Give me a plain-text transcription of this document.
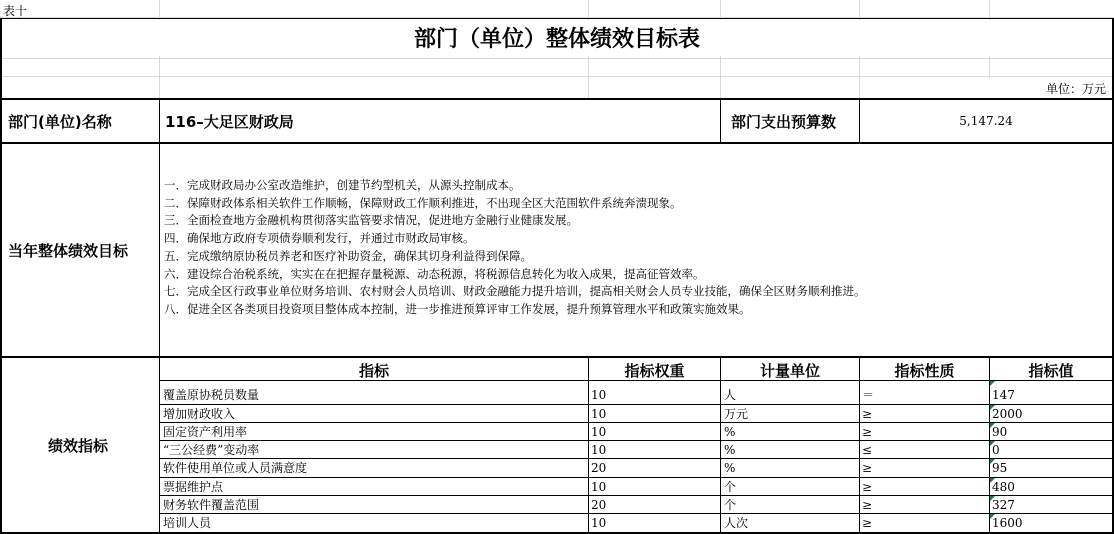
表十
部门（单位）整体绩效目标表
单位：万元
部门(单位)名称	116–大足区财政局	部门支出预算数	5,147.24
当年整体绩效目标
一．完成财政局办公室改造维护，创建节约型机关，从源头控制成本。
二．保障财政体系相关软件工作顺畅，保障财政工作顺利推进，不出现全区大范围软件系统奔溃现象。
三．全面检查地方金融机构贯彻落实监管要求情况，促进地方金融行业健康发展。
四．确保地方政府专项债券顺利发行，并通过市财政局审核。
五．完成缴纳原协税员养老和医疗补助资金，确保其切身利益得到保障。
六．建设综合治税系统，实实在在把握存量税源、动态税源，将税源信息转化为收入成果，提高征管效率。
七．完成全区行政事业单位财务培训、农村财会人员培训、财政金融能力提升培训，提高相关财会人员专业技能，确保全区财务顺利推进。
八．促进全区各类项目投资项目整体成本控制，进一步推进预算评审工作发展，提升预算管理水平和政策实施效果。
绩效指标
指标	指标权重	计量单位	指标性质	指标值
覆盖原协税员数量	10	人	＝	147
增加财政收入	10	万元	≥	2000
固定资产利用率	10	%	≥	90
“三公经费”变动率	10	%	≤	0
软件使用单位或人员满意度	20	%	≥	95
票据维护点	10	个	≥	480
财务软件覆盖范围	20	个	≥	327
培训人员	10	人次	≥	1600
